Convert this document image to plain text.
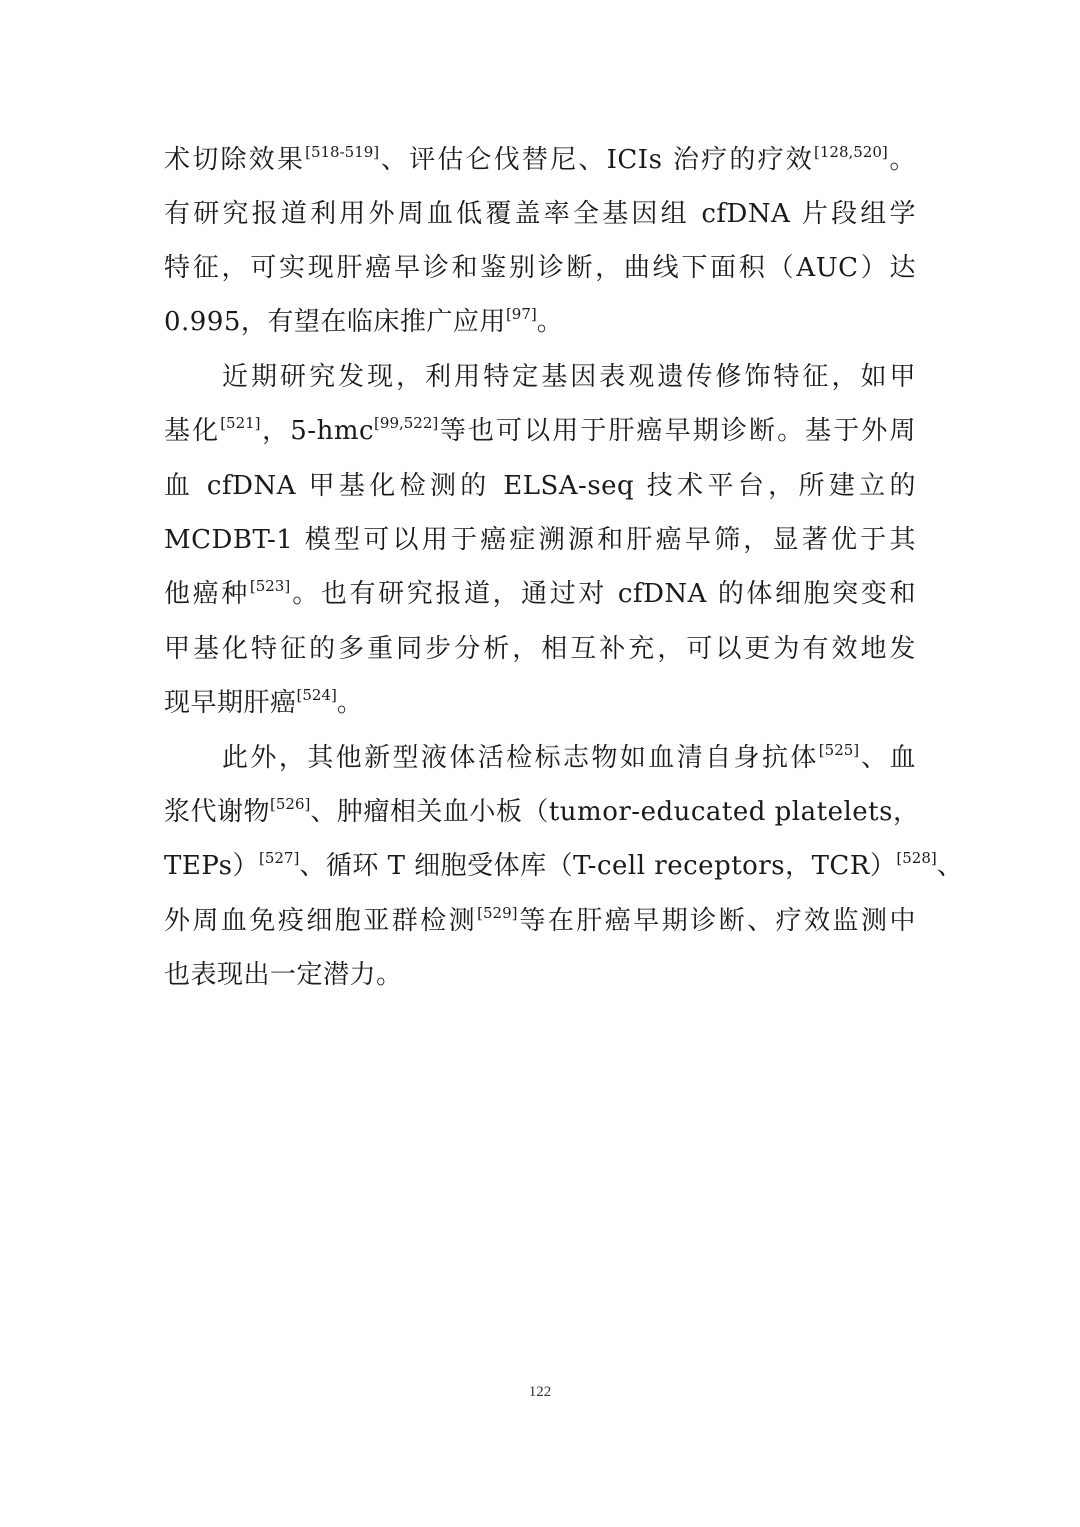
术切除效果[518-519]、评估仑伐替尼、ICIs 治疗的疗效[128,520]。
有研究报道利用外周血低覆盖率全基因组 cfDNA 片段组学
特征，可实现肝癌早诊和鉴别诊断，曲线下面积（AUC）达
0.995，有望在临床推广应用[97]。
近期研究发现，利用特定基因表观遗传修饰特征，如甲
基化[521]，5-hmc[99,522]等也可以用于肝癌早期诊断。基于外周
血 cfDNA 甲基化检测的 ELSA-seq 技术平台，所建立的
MCDBT-1 模型可以用于癌症溯源和肝癌早筛，显著优于其
他癌种[523]。也有研究报道，通过对 cfDNA 的体细胞突变和
甲基化特征的多重同步分析，相互补充，可以更为有效地发
现早期肝癌[524]。
此外，其他新型液体活检标志物如血清自身抗体[525]、血
浆代谢物[526]、肿瘤相关血小板（tumor-educated platelets，
TEPs）[527]、循环 T 细胞受体库（T-cell receptors，TCR）[528]、
外周血免疫细胞亚群检测[529]等在肝癌早期诊断、疗效监测中
也表现出一定潜力。
122
